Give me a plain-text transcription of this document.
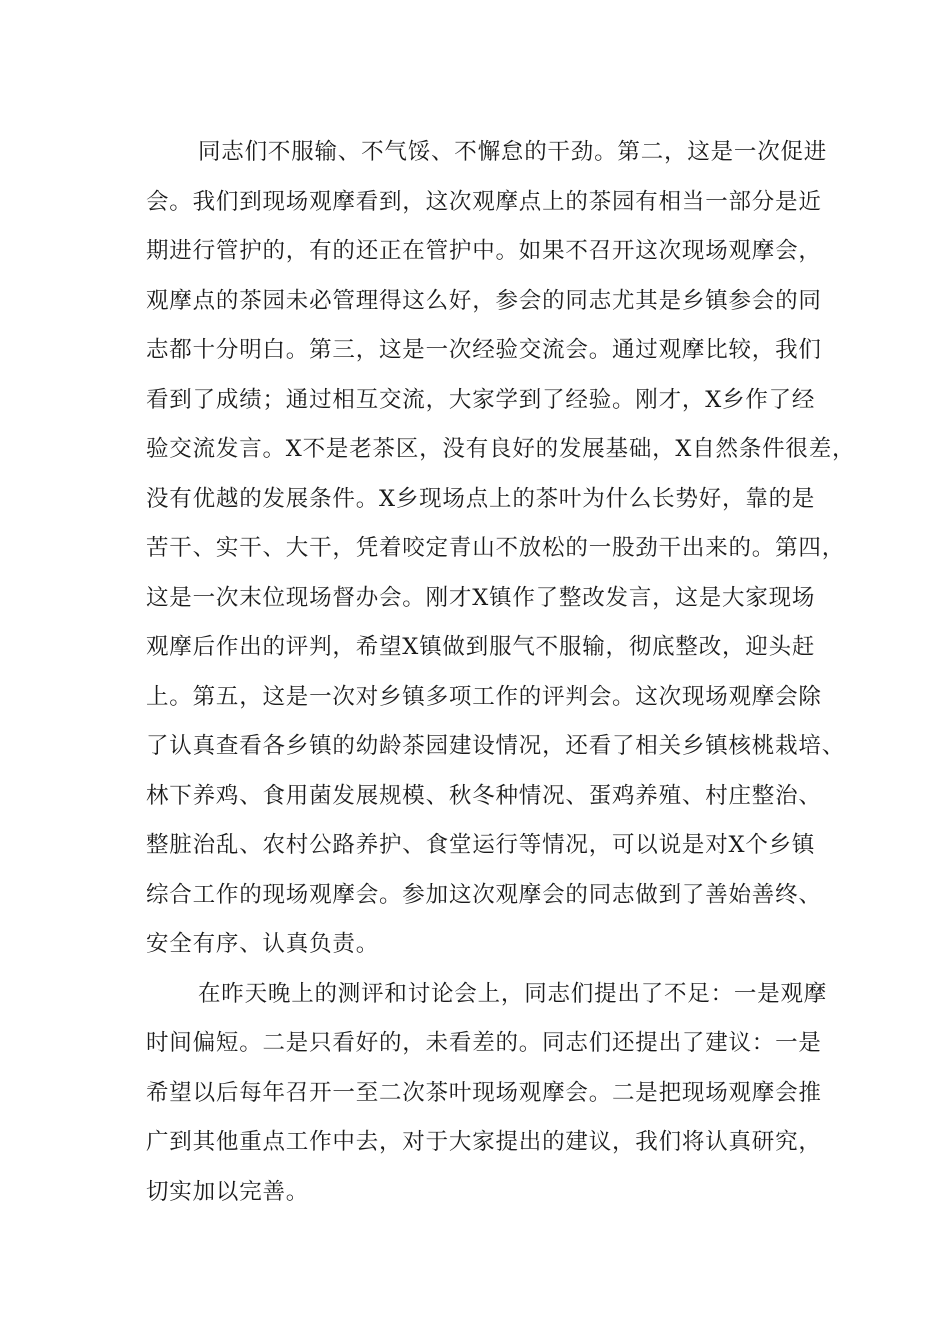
同志们不服输、不气馁、不懈怠的干劲。第二，这是一次促进
会。我们到现场观摩看到，这次观摩点上的茶园有相当一部分是近
期进行管护的，有的还正在管护中。如果不召开这次现场观摩会，
观摩点的茶园未必管理得这么好，参会的同志尤其是乡镇参会的同
志都十分明白。第三，这是一次经验交流会。通过观摩比较，我们
看到了成绩；通过相互交流，大家学到了经验。刚才，X乡作了经
验交流发言。X不是老茶区，没有良好的发展基础，X自然条件很差，
没有优越的发展条件。X乡现场点上的茶叶为什么长势好，靠的是
苦干、实干、大干，凭着咬定青山不放松的一股劲干出来的。第四，
这是一次末位现场督办会。刚才X镇作了整改发言，这是大家现场
观摩后作出的评判，希望X镇做到服气不服输，彻底整改，迎头赶
上。第五，这是一次对乡镇多项工作的评判会。这次现场观摩会除
了认真查看各乡镇的幼龄茶园建设情况，还看了相关乡镇核桃栽培、
林下养鸡、食用菌发展规模、秋冬种情况、蛋鸡养殖、村庄整治、
整脏治乱、农村公路养护、食堂运行等情况，可以说是对X个乡镇
综合工作的现场观摩会。参加这次观摩会的同志做到了善始善终、
安全有序、认真负责。
在昨天晚上的测评和讨论会上，同志们提出了不足：一是观摩
时间偏短。二是只看好的，未看差的。同志们还提出了建议：一是
希望以后每年召开一至二次茶叶现场观摩会。二是把现场观摩会推
广到其他重点工作中去，对于大家提出的建议，我们将认真研究，
切实加以完善。
